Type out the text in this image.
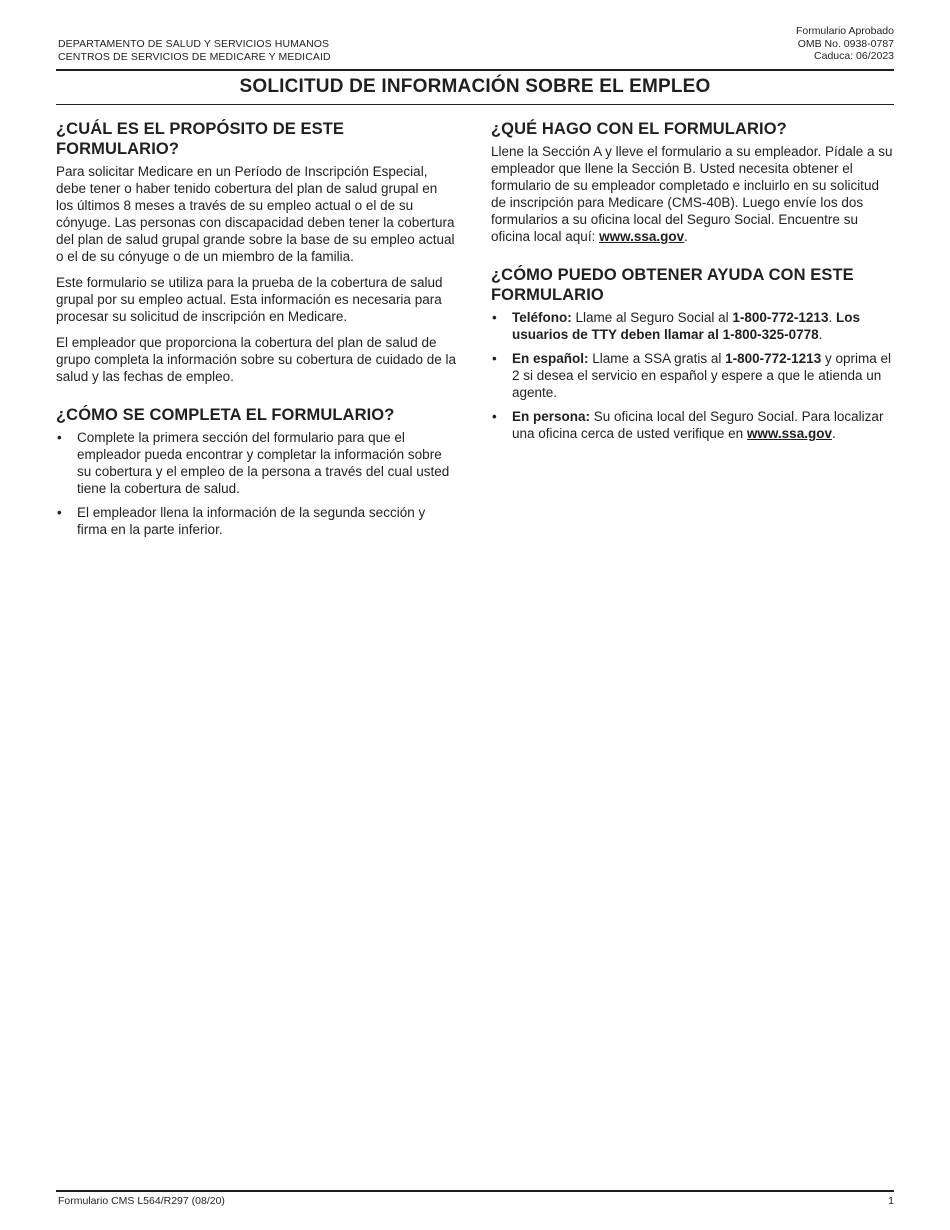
DEPARTAMENTO DE SALUD Y SERVICIOS HUMANOS
CENTROS DE SERVICIOS DE MEDICARE Y MEDICAID
Formulario Aprobado
OMB No. 0938-0787
Caduca: 06/2023
SOLICITUD DE INFORMACIÓN SOBRE EL EMPLEO
¿CUÁL ES EL PROPÓSITO DE ESTE FORMULARIO?

Para solicitar Medicare en un Período de Inscripción Especial, debe tener o haber tenido cobertura del plan de salud grupal en los últimos 8 meses a través de su empleo actual o el de su cónyuge. Las personas con discapacidad deben tener la cobertura del plan de salud grupal grande sobre la base de su empleo actual o el de su cónyuge o de un miembro de la familia.

Este formulario se utiliza para la prueba de la cobertura de salud grupal por su empleo actual. Esta información es necesaria para procesar su solicitud de inscripción en Medicare.

El empleador que proporciona la cobertura del plan de salud de grupo completa la información sobre su cobertura de cuidado de la salud y las fechas de empleo.

¿CÓMO SE COMPLETA EL FORMULARIO?
• Complete la primera sección del formulario para que el empleador pueda encontrar y completar la información sobre su cobertura y el empleo de la persona a través del cual usted tiene la cobertura de salud.
• El empleador llena la información de la segunda sección y firma en la parte inferior.
¿QUÉ HAGO CON EL FORMULARIO?

Llene la Sección A y lleve el formulario a su empleador. Pídale a su empleador que llene la Sección B. Usted necesita obtener el formulario de su empleador completado e incluirlo en su solicitud de inscripción para Medicare (CMS-40B). Luego envíe los dos formularios a su oficina local del Seguro Social. Encuentre su oficina local aquí: www.ssa.gov.

¿CÓMO PUEDO OBTENER AYUDA CON ESTE FORMULARIO
• Teléfono: Llame al Seguro Social al 1-800-772-1213. Los usuarios de TTY deben llamar al 1-800-325-0778.
• En español: Llame a SSA gratis al 1-800-772-1213 y oprima el 2 si desea el servicio en español y espere a que le atienda un agente.
• En persona: Su oficina local del Seguro Social. Para localizar una oficina cerca de usted verifique en www.ssa.gov.
Formulario CMS L564/R297 (08/20)	1
